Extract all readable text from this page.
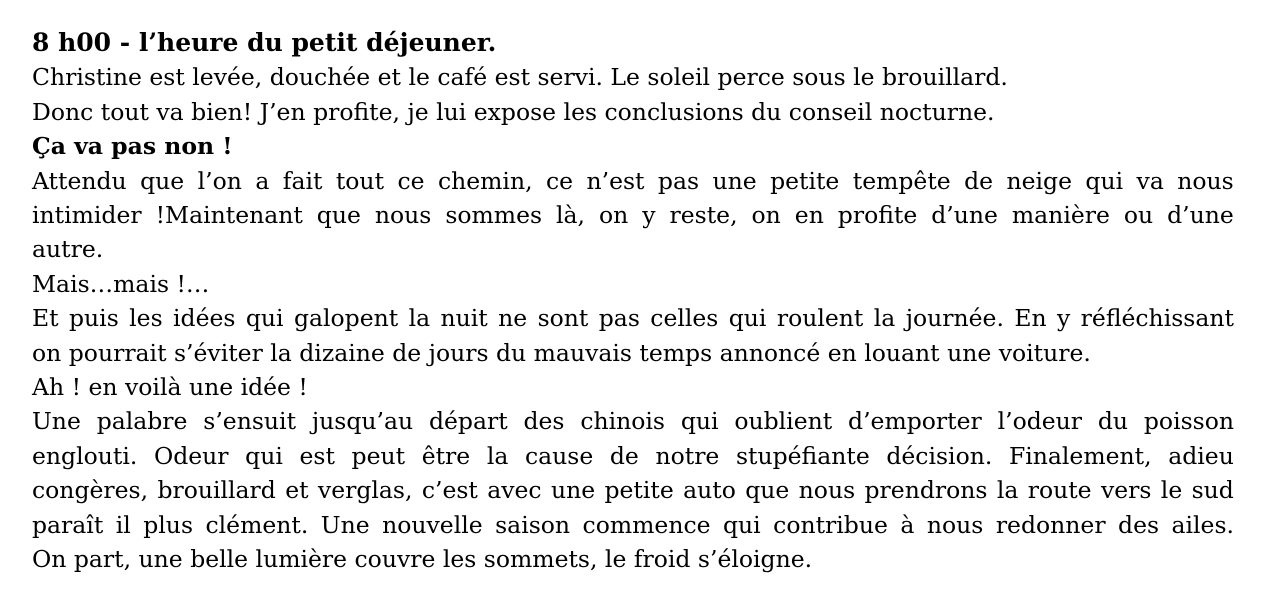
8 h00 - l’heure du petit déjeuner.

Christine est levée, douchée et le café est servi. Le soleil perce sous le brouillard.

Donc tout va bien! J’en profite, je lui expose les conclusions du conseil nocturne.

Ça va pas non !

Attendu que l’on a fait tout ce chemin, ce n’est pas une petite tempête de neige qui va nous

intimider !Maintenant que nous sommes là, on y reste, on en profite d’une manière ou d’une

autre.

Mais…mais !…

Et puis les idées qui galopent la nuit ne sont pas celles qui roulent la journée. En y réfléchissant

on pourrait s’éviter la dizaine de jours du mauvais temps annoncé en louant une voiture.

Ah ! en voilà une idée !

Une palabre s’ensuit jusqu’au départ des chinois qui oublient d’emporter l’odeur du poisson

englouti. Odeur qui est peut être la cause de notre stupéfiante décision. Finalement, adieu

congères, brouillard et verglas, c’est avec une petite auto que nous prendrons la route vers le sud

paraît il plus clément. Une nouvelle saison commence qui contribue à nous redonner des ailes.

On part, une belle lumière couvre les sommets, le froid s’éloigne.
